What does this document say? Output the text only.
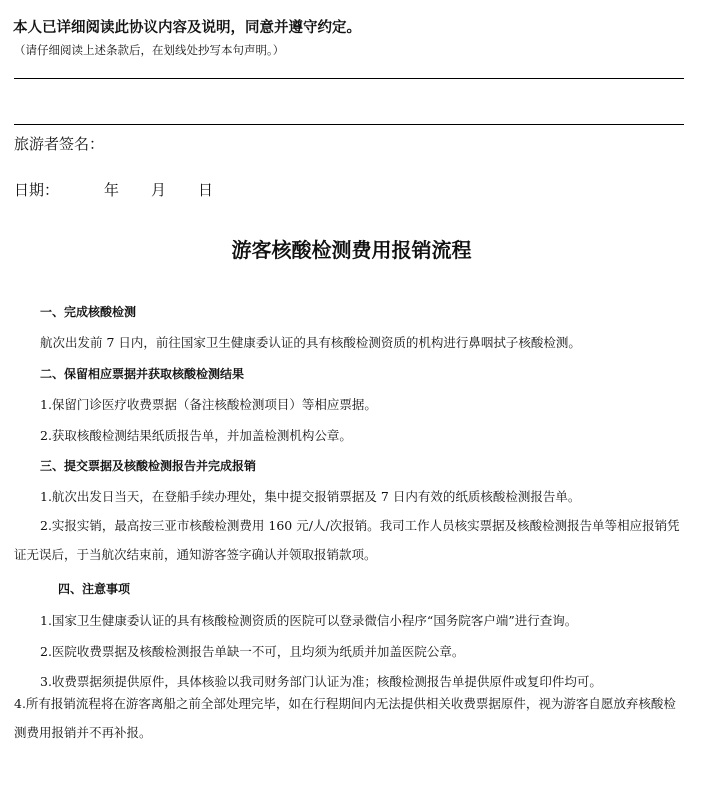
本人已详细阅读此协议内容及说明，同意并遵守约定。
（请仔细阅读上述条款后，在划线处抄写本句声明。）
旅游者签名：
日期：	年 月 日
游客核酸检测费用报销流程
一、完成核酸检测
航次出发前 7 日内，前往国家卫生健康委认证的具有核酸检测资质的机构进行鼻咽拭子核酸检测。
二、保留相应票据并获取核酸检测结果
1.保留门诊医疗收费票据（备注核酸检测项目）等相应票据。
2.获取核酸检测结果纸质报告单，并加盖检测机构公章。
三、提交票据及核酸检测报告并完成报销
1.航次出发日当天，在登船手续办理处，集中提交报销票据及 7 日内有效的纸质核酸检测报告单。
2.实报实销，最高按三亚市核酸检测费用 160 元/人/次报销。我司工作人员核实票据及核酸检测报告单等相应报销凭证无误后，于当航次结束前，通知游客签字确认并领取报销款项。
四、注意事项
1.国家卫生健康委认证的具有核酸检测资质的医院可以登录微信小程序“国务院客户端”进行查询。
2.医院收费票据及核酸检测报告单缺一不可，且均须为纸质并加盖医院公章。
3.收费票据须提供原件，具体核验以我司财务部门认证为准；核酸检测报告单提供原件或复印件均可。
4.所有报销流程将在游客离船之前全部处理完毕，如在行程期间内无法提供相关收费票据原件，视为游客自愿放弃核酸检测费用报销并不再补报。
